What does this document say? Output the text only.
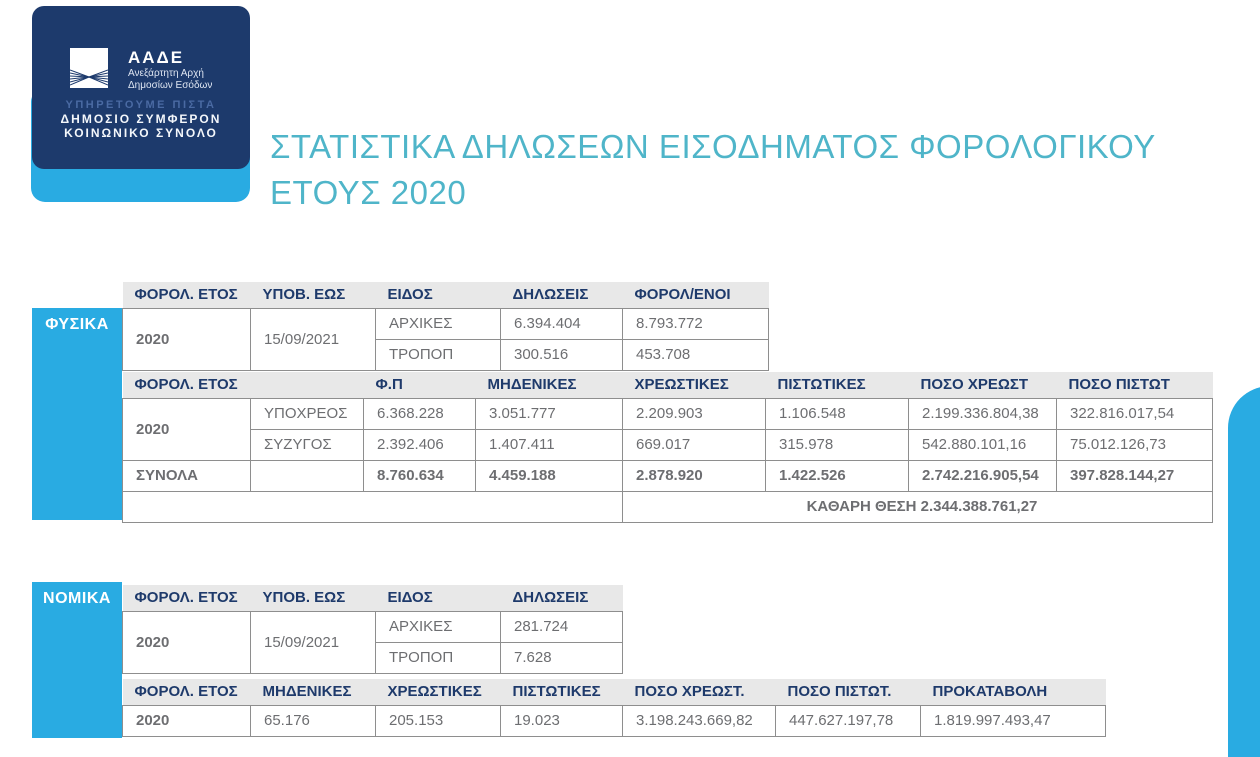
ΑΑΔΕ
Ανεξάρτητη Αρχή
Δημοσίων Εσόδων
ΥΠΗΡΕΤΟΥΜΕ ΠΙΣΤΑ
ΔΗΜΟΣΙΟ ΣΥΜΦΕΡΟΝ
ΚΟΙΝΩΝΙΚΟ ΣΥΝΟΛΟ	ΣΤΑΤΙΣΤΙΚΑ ΔΗΛΩΣΕΩΝ ΕΙΣΟΔΗΜΑΤΟΣ ΦΟΡΟΛΟΓΙΚΟΥ
ΕΤΟΥΣ 2020
ΦΥΣΙΚΑ
ΝΟΜΙΚΑ
ΦΟΡΟΛ. ΕΤΟΣ	ΥΠΟΒ. ΕΩΣ	ΕΙΔΟΣ	ΔΗΛΩΣΕΙΣ	ΦΟΡΟΛ/ΕΝΟΙ
2020	15/09/2021	ΑΡΧΙΚΕΣ	6.394.404	8.793.772
		ΤΡΟΠΟΠ	300.516	453.708
ΦΟΡΟΛ. ΕΤΟΣ		Φ.Π	ΜΗΔΕΝΙΚΕΣ	ΧΡΕΩΣΤΙΚΕΣ	ΠΙΣΤΩΤΙΚΕΣ	ΠΟΣΟ ΧΡΕΩΣΤ	ΠΟΣΟ ΠΙΣΤΩΤ
2020	ΥΠΟΧΡΕΟΣ	6.368.228	3.051.777	2.209.903	1.106.548	2.199.336.804,38	322.816.017,54
	ΣΥΖΥΓΟΣ	2.392.406	1.407.411	669.017	315.978	542.880.101,16	75.012.126,73
ΣΥΝΟΛΑ		8.760.634	4.459.188	2.878.920	1.422.526	2.742.216.905,54	397.828.144,27
				ΚΑΘΑΡΗ ΘΕΣΗ 2.344.388.761,27			
ΦΟΡΟΛ. ΕΤΟΣ	ΥΠΟΒ. ΕΩΣ	ΕΙΔΟΣ	ΔΗΛΩΣΕΙΣ
2020	15/09/2021	ΑΡΧΙΚΕΣ	281.724
		ΤΡΟΠΟΠ	7.628
ΦΟΡΟΛ. ΕΤΟΣ	ΜΗΔΕΝΙΚΕΣ	ΧΡΕΩΣΤΙΚΕΣ	ΠΙΣΤΩΤΙΚΕΣ	ΠΟΣΟ ΧΡΕΩΣΤ.	ΠΟΣΟ ΠΙΣΤΩΤ.	ΠΡΟΚΑΤΑΒΟΛΗ
2020	65.176	205.153	19.023	3.198.243.669,82	447.627.197,78	1.819.997.493,47
